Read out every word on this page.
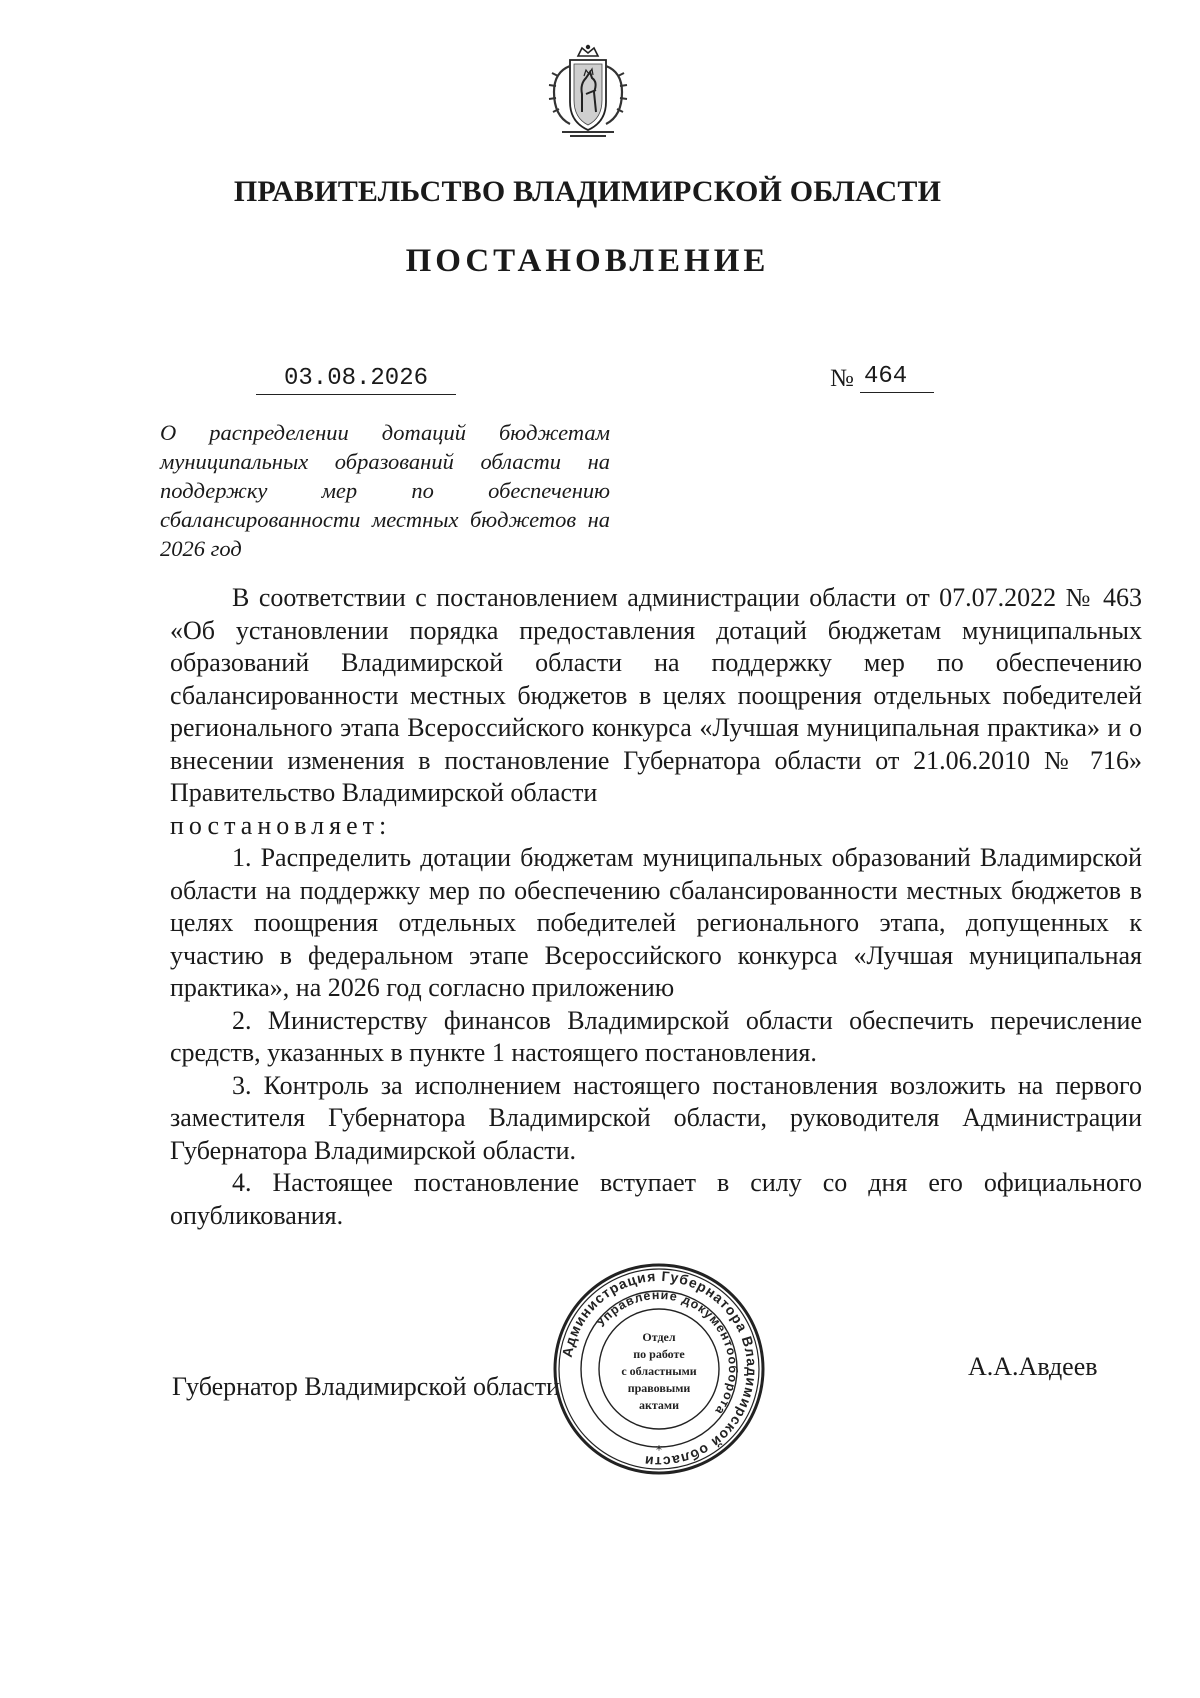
ПРАВИТЕЛЬСТВО ВЛАДИМИРСКОЙ ОБЛАСТИ
ПОСТАНОВЛЕНИЕ
03.08.2026	№ 464
О распределении дотаций бюджетам муниципальных образований области на поддержку мер по обеспечению сбалансированности местных бюджетов на 2026 год

В соответствии с постановлением администрации области от 07.07.2022 № 463 «Об установлении порядка предоставления дотаций бюджетам муниципальных образований Владимирской области на поддержку мер по обеспечению сбалансированности местных бюджетов в целях поощрения отдельных победителей регионального этапа Всероссийского конкурса «Лучшая муниципальная практика» и о внесении изменения в постановление Губернатора области от 21.06.2010 № 716» Правительство Владимирской области

постановляет:

1. Распределить дотации бюджетам муниципальных образований Владимирской области на поддержку мер по обеспечению сбалансированности местных бюджетов в целях поощрения отдельных победителей регионального этапа, допущенных к участию в федеральном этапе Всероссийского конкурса «Лучшая муниципальная практика», на 2026 год согласно приложению

2. Министерству финансов Владимирской области обеспечить перечисление средств, указанных в пункте 1 настоящего постановления.

3. Контроль за исполнением настоящего постановления возложить на первого заместителя Губернатора Владимирской области, руководителя Администрации Губернатора Владимирской области.

4. Настоящее постановление вступает в силу со дня его официального опубликования.

Губернатор Владимирской области
А.А.Авдеев
Администрация Губернатора Владимирской области
Управление документооборота
Отдел
по работе
с областными
правовыми
актами
*
